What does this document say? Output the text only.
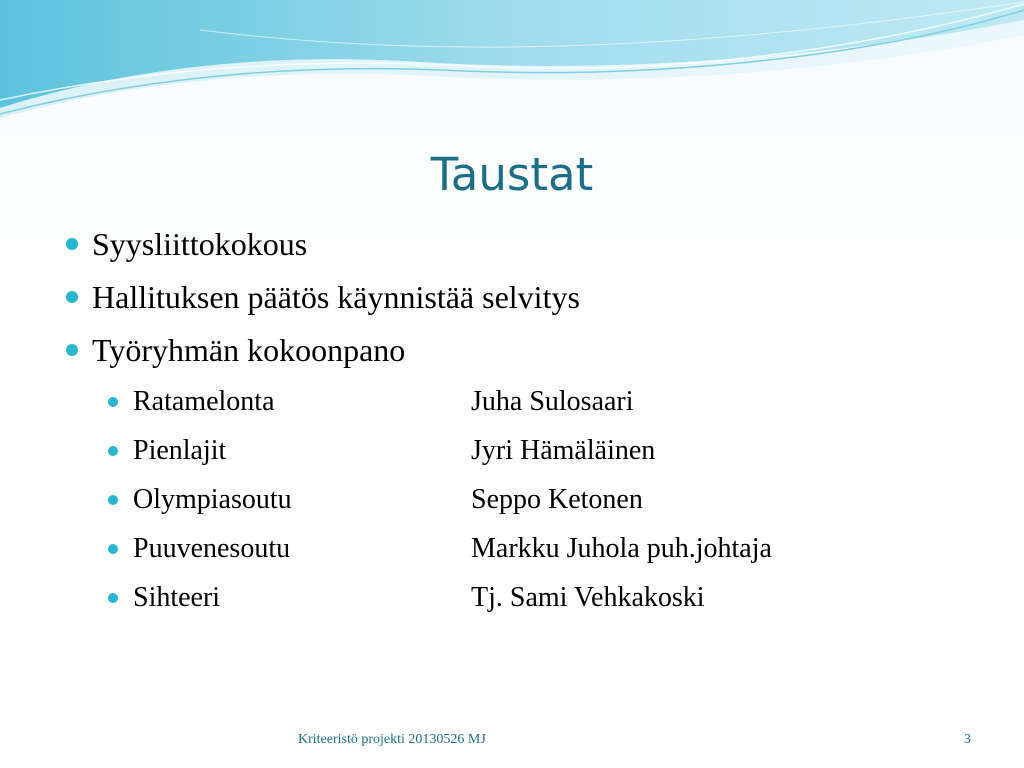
Taustat
Syysliittokokous
Hallituksen päätös käynnistää selvitys
Työryhmän kokoonpano
Ratamelonta	Juha Sulosaari
Pienlajit	Jyri Hämäläinen
Olympiasoutu	Seppo Ketonen
Puuvenesoutu	Markku Juhola puh.johtaja
Sihteeri	Tj. Sami Vehkakoski
Kriteeristö projekti 20130526 MJ	3
